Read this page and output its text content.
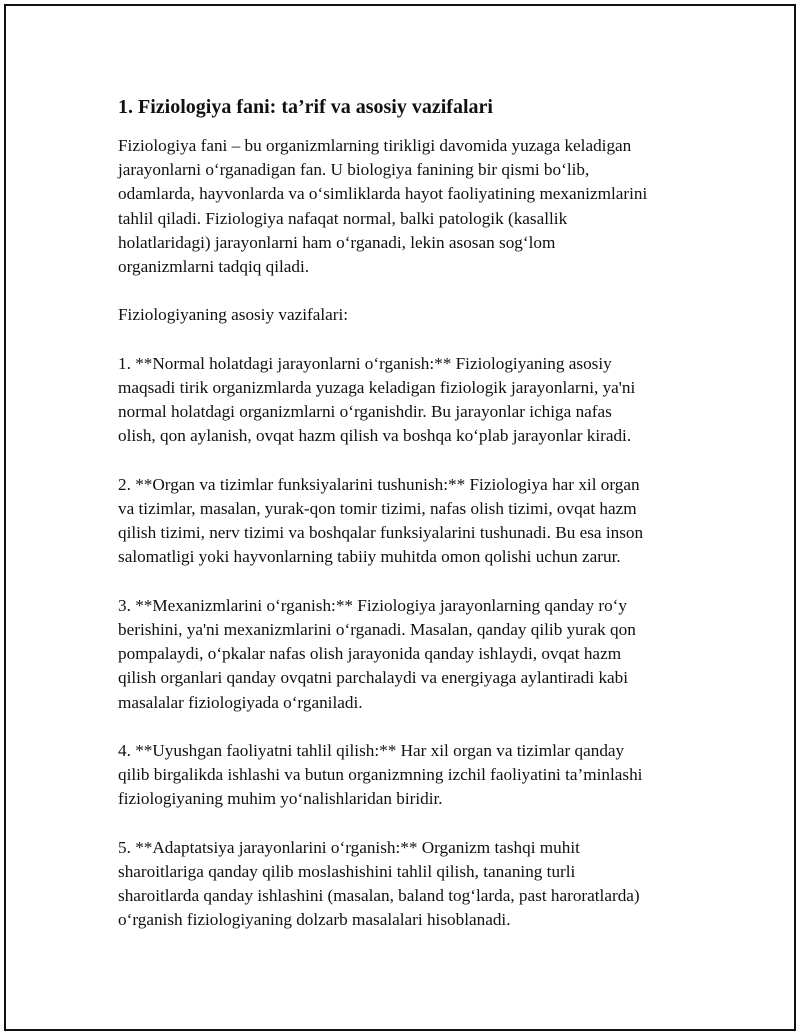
1. Fiziologiya fani: ta’rif va asosiy vazifalari
Fiziologiya fani – bu organizmlarning tirikligi davomida yuzaga keladigan
jarayonlarni o‘rganadigan fan. U biologiya fanining bir qismi bo‘lib,
odamlarda, hayvonlarda va o‘simliklarda hayot faoliyatining mexanizmlarini
tahlil qiladi. Fiziologiya nafaqat normal, balki patologik (kasallik
holatlaridagi) jarayonlarni ham o‘rganadi, lekin asosan sog‘lom
organizmlarni tadqiq qiladi.
Fiziologiyaning asosiy vazifalari:
1. **Normal holatdagi jarayonlarni o‘rganish:** Fiziologiyaning asosiy
maqsadi tirik organizmlarda yuzaga keladigan fiziologik jarayonlarni, ya'ni
normal holatdagi organizmlarni o‘rganishdir. Bu jarayonlar ichiga nafas
olish, qon aylanish, ovqat hazm qilish va boshqa ko‘plab jarayonlar kiradi.
2. **Organ va tizimlar funksiyalarini tushunish:** Fiziologiya har xil organ
va tizimlar, masalan, yurak-qon tomir tizimi, nafas olish tizimi, ovqat hazm
qilish tizimi, nerv tizimi va boshqalar funksiyalarini tushunadi. Bu esa inson
salomatligi yoki hayvonlarning tabiiy muhitda omon qolishi uchun zarur.
3. **Mexanizmlarini o‘rganish:** Fiziologiya jarayonlarning qanday ro‘y
berishini, ya'ni mexanizmlarini o‘rganadi. Masalan, qanday qilib yurak qon
pompalaydi, o‘pkalar nafas olish jarayonida qanday ishlaydi, ovqat hazm
qilish organlari qanday ovqatni parchalaydi va energiyaga aylantiradi kabi
masalalar fiziologiyada o‘rganiladi.
4. **Uyushgan faoliyatni tahlil qilish:** Har xil organ va tizimlar qanday
qilib birgalikda ishlashi va butun organizmning izchil faoliyatini ta’minlashi
fiziologiyaning muhim yo‘nalishlaridan biridir.
5. **Adaptatsiya jarayonlarini o‘rganish:** Organizm tashqi muhit
sharoitlariga qanday qilib moslashishini tahlil qilish, tananing turli
sharoitlarda qanday ishlashini (masalan, baland tog‘larda, past haroratlarda)
o‘rganish fiziologiyaning dolzarb masalalari hisoblanadi.
